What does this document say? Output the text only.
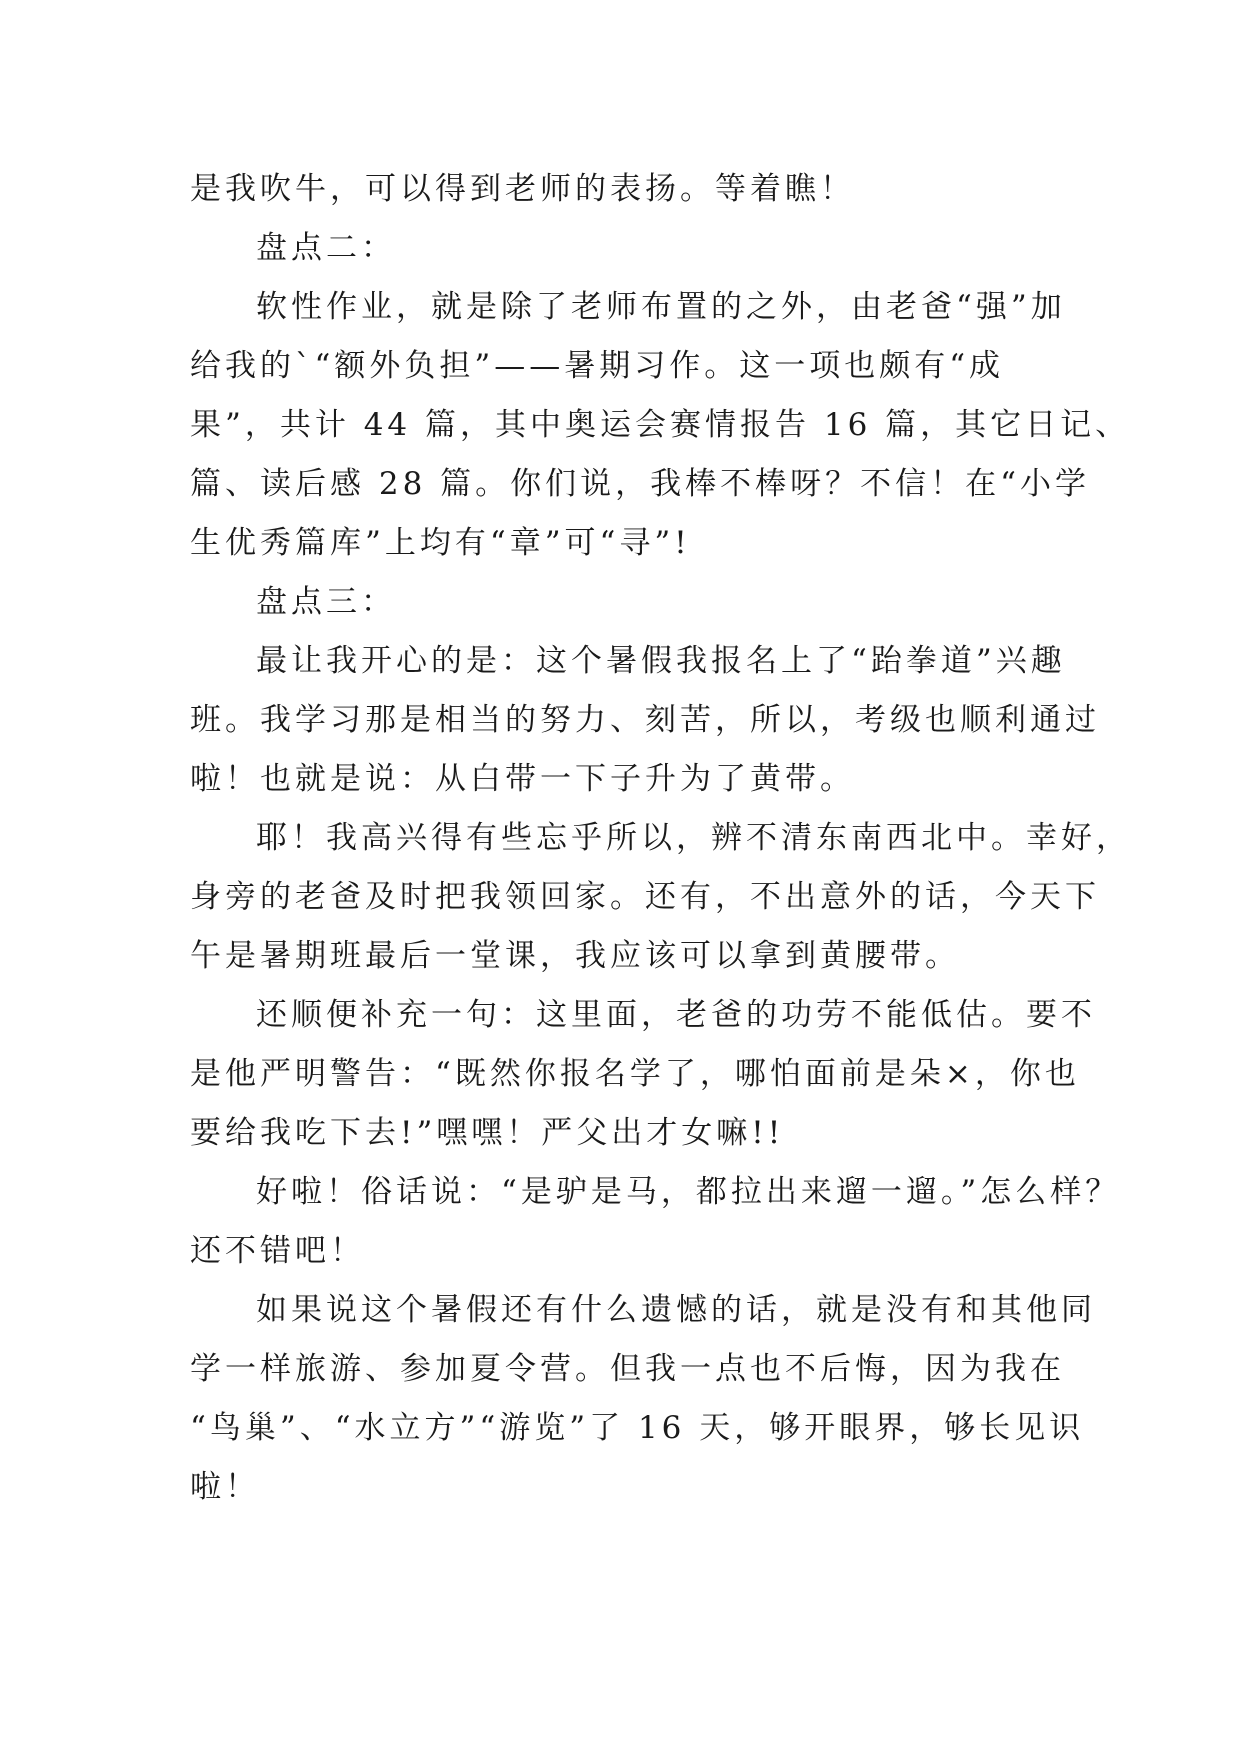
是我吹牛，可以得到老师的表扬。等着瞧！
盘点二：
软性作业，就是除了老师布置的之外，由老爸“强”加
给我的`“额外负担”——暑期习作。这一项也颇有“成
果”，共计 44 篇，其中奥运会赛情报告 16 篇，其它日记、
篇、读后感 28 篇。你们说，我棒不棒呀？不信！在“小学
生优秀篇库”上均有“章”可“寻”!
盘点三：
最让我开心的是：这个暑假我报名上了“跆拳道”兴趣
班。我学习那是相当的努力、刻苦，所以，考级也顺利通过
啦！也就是说：从白带一下子升为了黄带。
耶！我高兴得有些忘乎所以，辨不清东南西北中。幸好，
身旁的老爸及时把我领回家。还有，不出意外的话，今天下
午是暑期班最后一堂课，我应该可以拿到黄腰带。
还顺便补充一句：这里面，老爸的功劳不能低估。要不
是他严明警告：“既然你报名学了，哪怕面前是朵×，你也
要给我吃下去!”嘿嘿！严父出才女嘛!!
好啦！俗话说：“是驴是马，都拉出来遛一遛。”怎么样？
还不错吧！
如果说这个暑假还有什么遗憾的话，就是没有和其他同
学一样旅游、参加夏令营。但我一点也不后悔，因为我在
“鸟巢”、“水立方”“游览”了 16 天，够开眼界，够长见识
啦！
